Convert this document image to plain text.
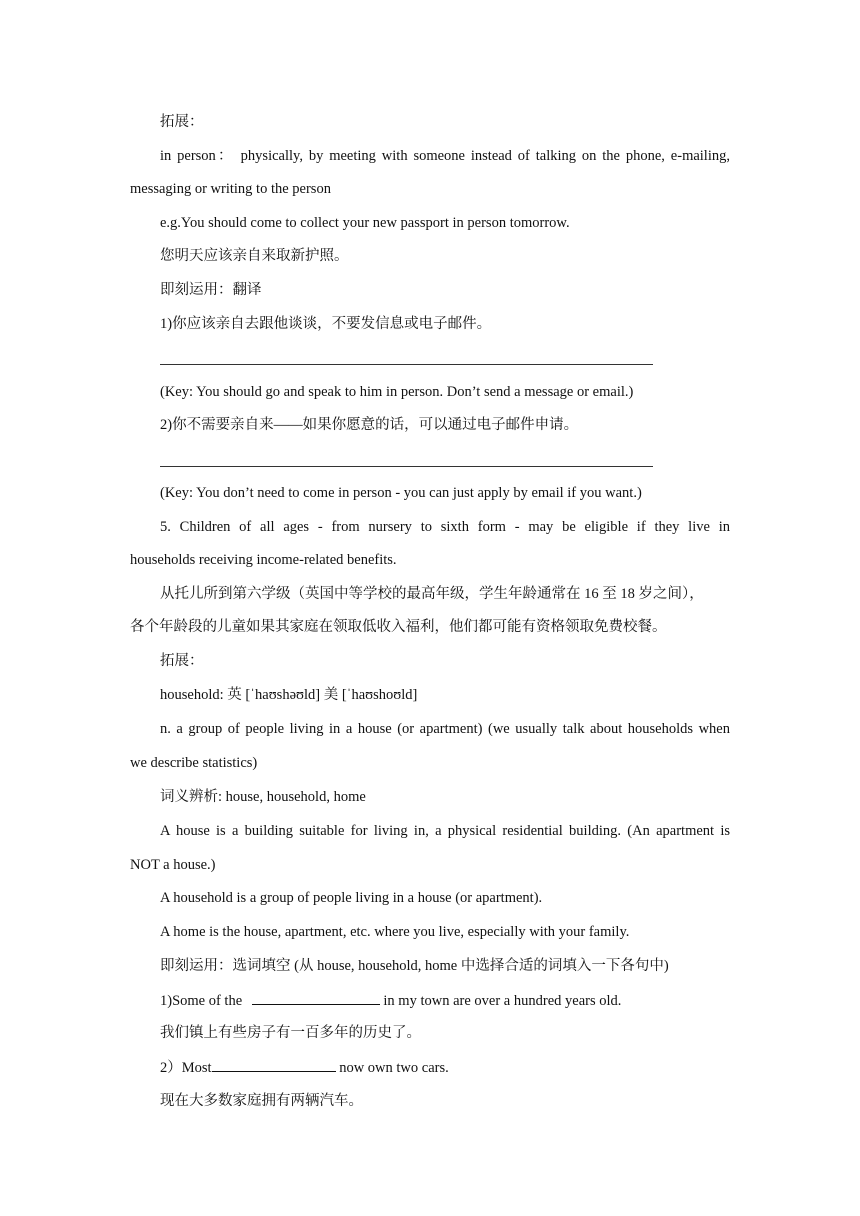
拓展：
in person： physically, by meeting with someone instead of talking on the phone, e-mailing,
messaging or writing to the person
e.g.You should come to collect your new passport in person tomorrow.
您明天应该亲自来取新护照。
即刻运用：翻译
1)你应该亲自去跟他谈谈，不要发信息或电子邮件。
(Key: You should go and speak to him in person. Don’t send a message or email.)
2)你不需要亲自来——如果你愿意的话，可以通过电子邮件申请。
(Key: You don’t need to come in person - you can just apply by email if you want.)
5. Children of all ages - from nursery to sixth form - may be eligible if they live in
households receiving income-related benefits.
从托儿所到第六学级（英国中等学校的最高年级，学生年龄通常在 16 至 18 岁之间），
各个年龄段的儿童如果其家庭在领取低收入福利，他们都可能有资格领取免费校餐。
拓展：
household: 英 [ˈhaʊshəʊld] 美 [ˈhaʊshoʊld]
n. a group of people living in a house (or apartment) (we usually talk about households when
we describe statistics)
词义辨析: house, household, home
A house is a building suitable for living in, a physical residential building. (An apartment is
NOT a house.)
A household is a group of people living in a house (or apartment).
A home is the house, apartment, etc. where you live, especially with your family.
即刻运用：选词填空 (从 house, household, home 中选择合适的词填入一下各句中)
1)Some of the	in my town are over a hundred years old.
我们镇上有些房子有一百多年的历史了。
2）Most	now own two cars.
现在大多数家庭拥有两辆汽车。
